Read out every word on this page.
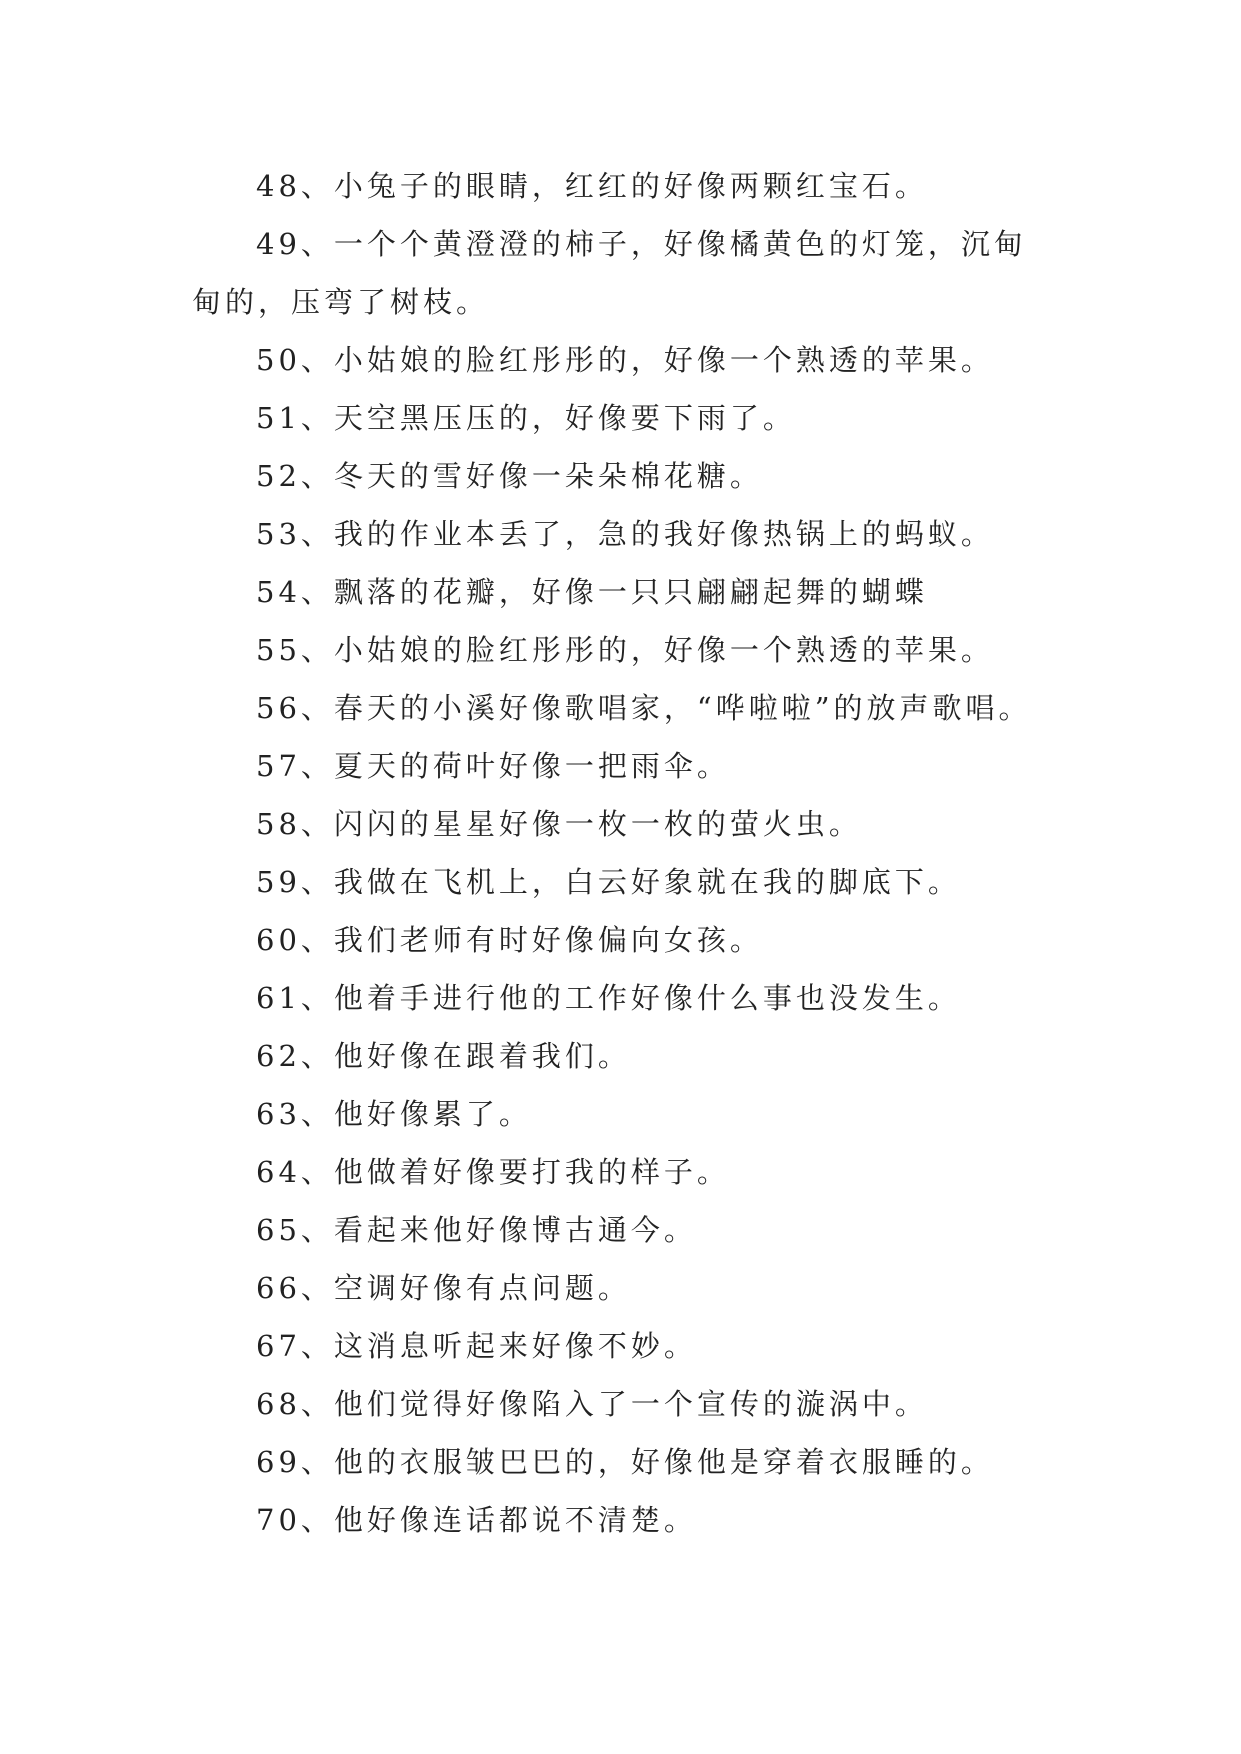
48、小兔子的眼睛，红红的好像两颗红宝石。

49、一个个黄澄澄的柿子，好像橘黄色的灯笼，沉甸甸的，压弯了树枝。

50、小姑娘的脸红彤彤的，好像一个熟透的苹果。

51、天空黑压压的，好像要下雨了。

52、冬天的雪好像一朵朵棉花糖。

53、我的作业本丢了，急的我好像热锅上的蚂蚁。

54、飘落的花瓣，好像一只只翩翩起舞的蝴蝶

55、小姑娘的脸红彤彤的，好像一个熟透的苹果。

56、春天的小溪好像歌唱家，“哗啦啦”的放声歌唱。

57、夏天的荷叶好像一把雨伞。

58、闪闪的星星好像一枚一枚的萤火虫。

59、我做在飞机上，白云好象就在我的脚底下。

60、我们老师有时好像偏向女孩。

61、他着手进行他的工作好像什么事也没发生。

62、他好像在跟着我们。

63、他好像累了。

64、他做着好像要打我的样子。

65、看起来他好像博古通今。

66、空调好像有点问题。

67、这消息听起来好像不妙。

68、他们觉得好像陷入了一个宣传的漩涡中。

69、他的衣服皱巴巴的，好像他是穿着衣服睡的。

70、他好像连话都说不清楚。
